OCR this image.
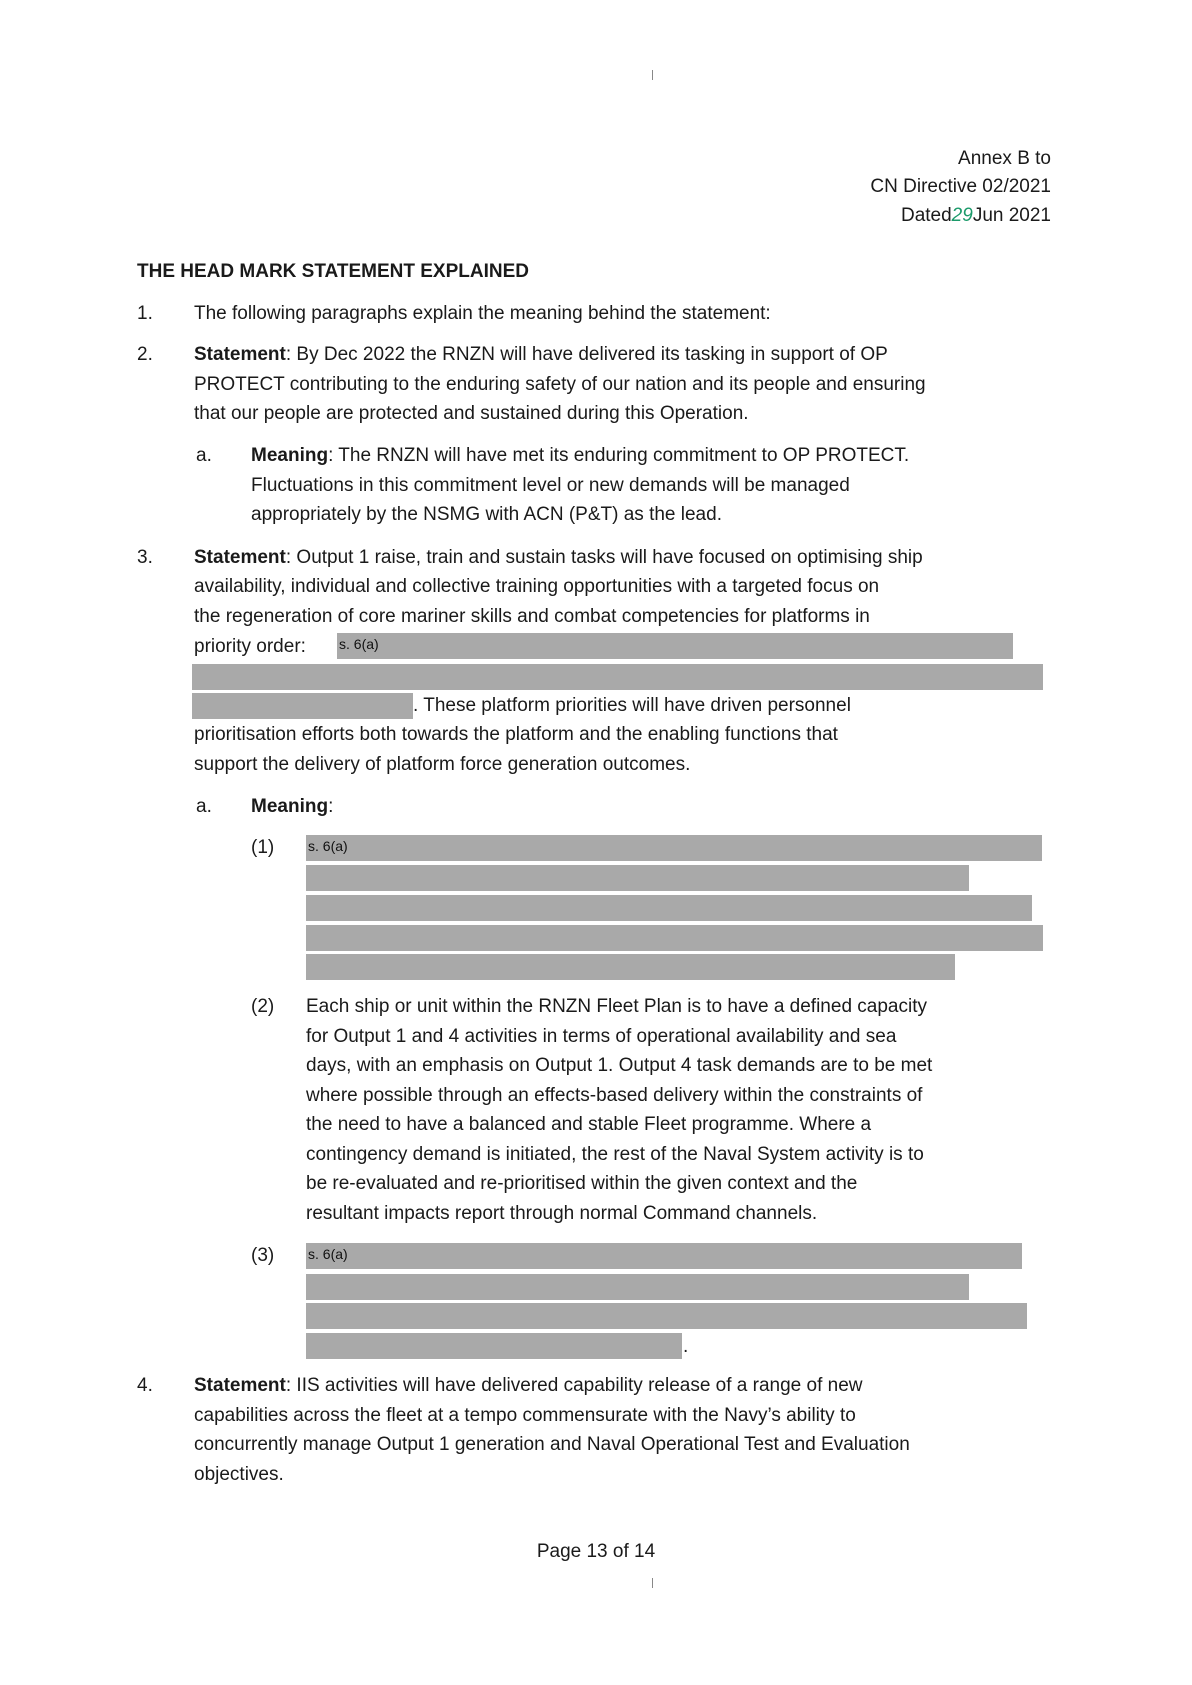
Annex B to
CN Directive 02/2021
Dated29Jun 2021
THE HEAD MARK STATEMENT EXPLAINED
1. The following paragraphs explain the meaning behind the statement:
2. Statement: By Dec 2022 the RNZN will have delivered its tasking in support of OP
PROTECT contributing to the enduring safety of our nation and its people and ensuring
that our people are protected and sustained during this Operation.
a. Meaning: The RNZN will have met its enduring commitment to OP PROTECT.
Fluctuations in this commitment level or new demands will be managed
appropriately by the NSMG with ACN (P&T) as the lead.
3. Statement: Output 1 raise, train and sustain tasks will have focused on optimising ship
availability, individual and collective training opportunities with a targeted focus on
the regeneration of core mariner skills and combat competencies for platforms in
priority order: s. 6(a)
. These platform priorities will have driven personnel
prioritisation efforts both towards the platform and the enabling functions that
support the delivery of platform force generation outcomes.
a. Meaning:
(1) s. 6(a)
(2) Each ship or unit within the RNZN Fleet Plan is to have a defined capacity
for Output 1 and 4 activities in terms of operational availability and sea
days, with an emphasis on Output 1. Output 4 task demands are to be met
where possible through an effects-based delivery within the constraints of
the need to have a balanced and stable Fleet programme. Where a
contingency demand is initiated, the rest of the Naval System activity is to
be re-evaluated and re-prioritised within the given context and the
resultant impacts report through normal Command channels.
(3) s. 6(a)
.
4. Statement: IIS activities will have delivered capability release of a range of new
capabilities across the fleet at a tempo commensurate with the Navy’s ability to
concurrently manage Output 1 generation and Naval Operational Test and Evaluation
objectives.
Page 13 of 14
